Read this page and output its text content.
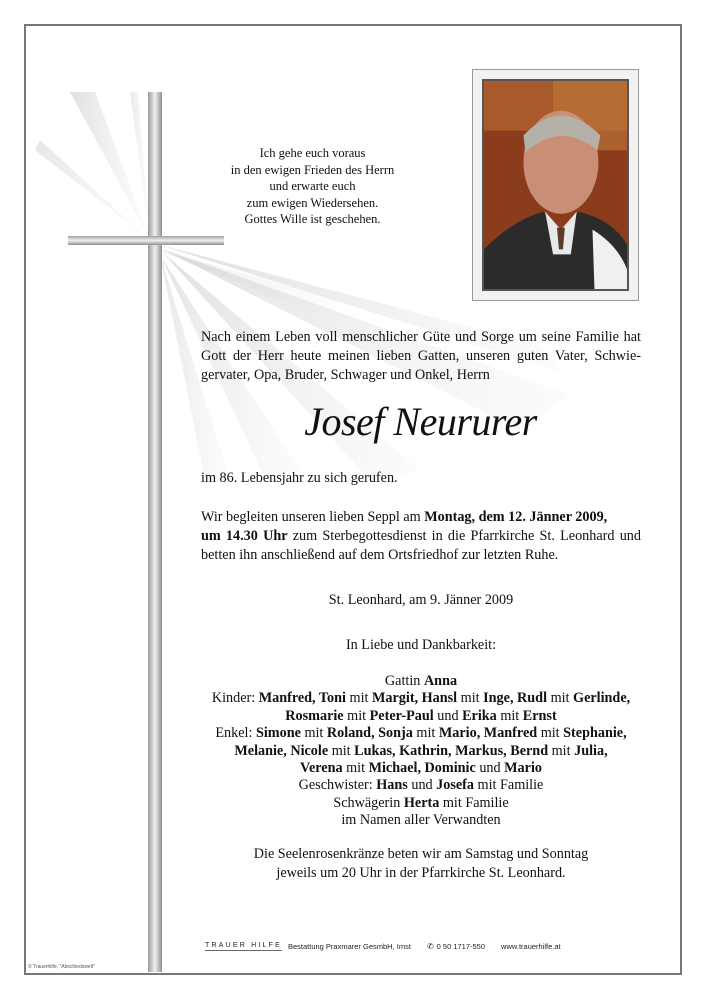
Ich gehe euch voraus
in den ewigen Frieden des Herrn
und erwarte euch
zum ewigen Wiedersehen.
Gottes Wille ist geschehen.
Nach einem Leben voll menschlicher Güte und Sorge um seine Familie hat Gott der Herr heute meinen lieben Gatten, unseren guten Vater, Schwie-gervater, Opa, Bruder, Schwager und Onkel, Herrn
Josef Neururer
im 86. Lebensjahr zu sich gerufen.
Wir begleiten unseren lieben Seppl am Montag, dem 12. Jänner 2009,
um 14.30 Uhr zum Sterbegottesdienst in die Pfarrkirche St. Leonhard und betten ihn anschließend auf dem Ortsfriedhof zur letzten Ruhe.
St. Leonhard, am 9. Jänner 2009
In Liebe und Dankbarkeit:
Gattin Anna
Kinder: Manfred, Toni mit Margit, Hansl mit Inge, Rudl mit Gerlinde,
Rosmarie mit Peter-Paul und Erika mit Ernst
Enkel: Simone mit Roland, Sonja mit Mario, Manfred mit Stephanie,
Melanie, Nicole mit Lukas, Kathrin, Markus, Bernd mit Julia,
Verena mit Michael, Dominic und Mario
Geschwister: Hans und Josefa mit Familie
Schwägerin Herta mit Familie
im Namen aller Verwandten
Die Seelenrosenkränze beten wir am Samstag und Sonntag
jeweils um 20 Uhr in der Pfarrkirche St. Leonhard.
TRAUER HILFE Bestattung Praxmarer GesmbH, Imst ✆ 0 50 1717-550 www.trauerhilfe.at
© Trauerhilfe, "Abschiedswelt"
